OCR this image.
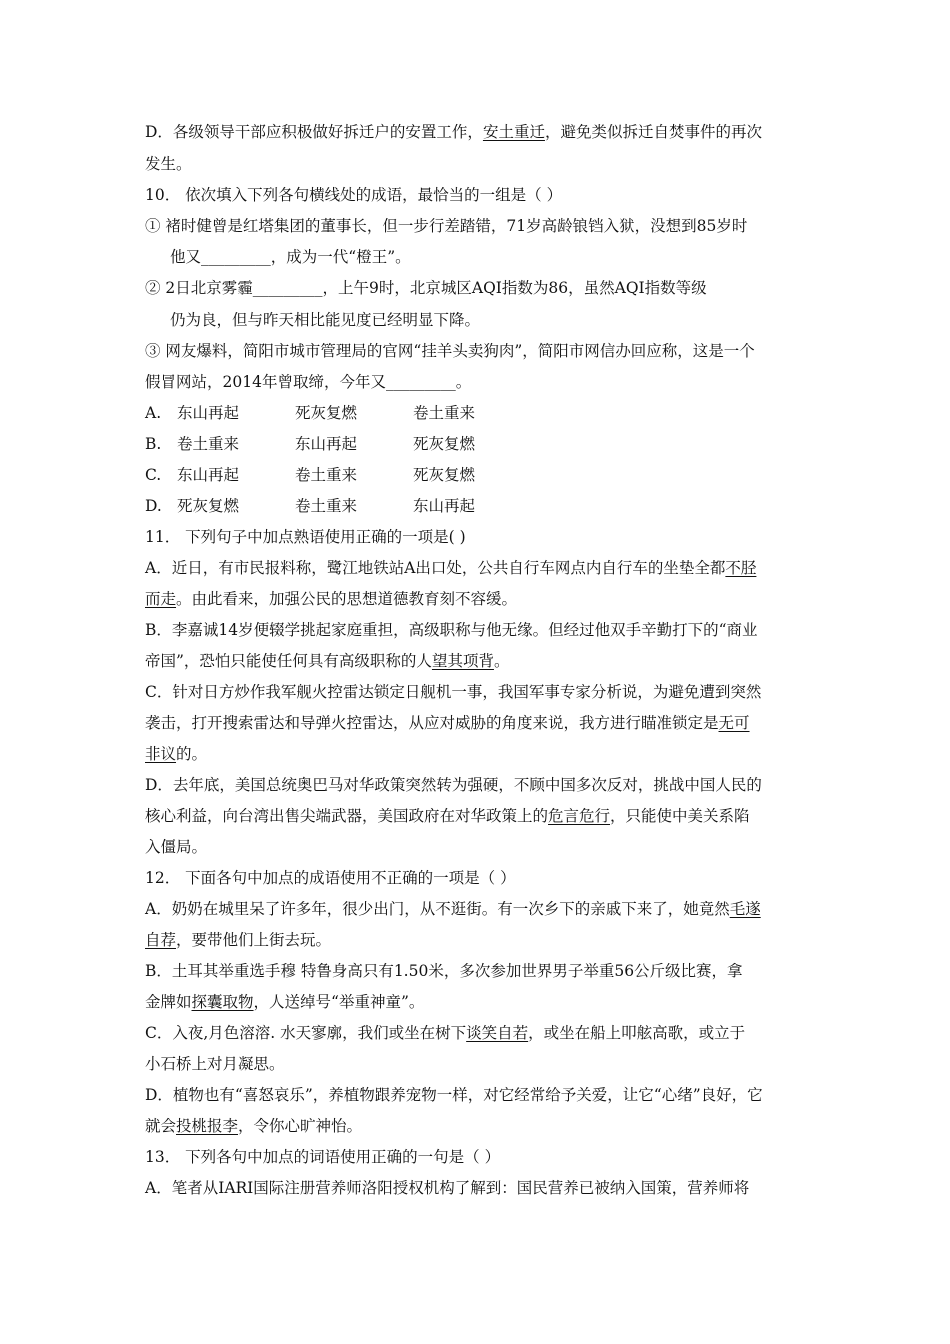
D．各级领导干部应积极做好拆迁户的安置工作，安土重迁，避免类似拆迁自焚事件的再次
发生。
10． 依次填入下列各句横线处的成语，最恰当的一组是（ ）
① 褚时健曾是红塔集团的董事长，但一步行差踏错，71岁高龄锒铛入狱，没想到85岁时
他又_________，成为一代“橙王”。
② 2日北京雾霾_________，上午9时，北京城区AQI指数为86，虽然AQI指数等级
仍为良，但与昨天相比能见度已经明显下降。
③ 网友爆料，简阳市城市管理局的官网“挂羊头卖狗肉”，简阳市网信办回应称，这是一个
假冒网站，2014年曾取缔，今年又_________。
A. 东山再起	死灰复燃	卷土重来
B. 卷土重来	东山再起	死灰复燃
C. 东山再起	卷土重来	死灰复燃
D. 死灰复燃	卷土重来	东山再起
11． 下列句子中加点熟语使用正确的一项是( )
A．近日，有市民报料称，鹭江地铁站A出口处，公共自行车网点内自行车的坐垫全都不胫
而走。由此看来，加强公民的思想道德教育刻不容缓。
B．李嘉诚14岁便辍学挑起家庭重担，高级职称与他无缘。但经过他双手辛勤打下的“商业
帝国”，恐怕只能使任何具有高级职称的人望其项背。
C．针对日方炒作我军舰火控雷达锁定日舰机一事，我国军事专家分析说，为避免遭到突然
袭击，打开搜索雷达和导弹火控雷达，从应对威胁的角度来说，我方进行瞄准锁定是无可
非议的。
D．去年底，美国总统奥巴马对华政策突然转为强硬，不顾中国多次反对，挑战中国人民的
核心利益，向台湾出售尖端武器，美国政府在对华政策上的危言危行，只能使中美关系陷
入僵局。
12． 下面各句中加点的成语使用不正确的一项是（ ）
A．奶奶在城里呆了许多年，很少出门，从不逛街。有一次乡下的亲戚下来了，她竟然毛遂
自荐，要带他们上街去玩。
B．土耳其举重选手穆 特鲁身高只有1.50米，多次参加世界男子举重56公斤级比赛，拿
金牌如探囊取物，人送绰号“举重神童”。
C．入夜,月色溶溶. 水天寥廓，我们或坐在树下谈笑自若，或坐在船上叩舷高歌，或立于
小石桥上对月凝思。
D．植物也有“喜怒哀乐”，养植物跟养宠物一样，对它经常给予关爱，让它“心绪”良好，它
就会投桃报李，令你心旷神怡。
13． 下列各句中加点的词语使用正确的一句是（ ）
A．笔者从IARI国际注册营养师洛阳授权机构了解到：国民营养已被纳入国策，营养师将
